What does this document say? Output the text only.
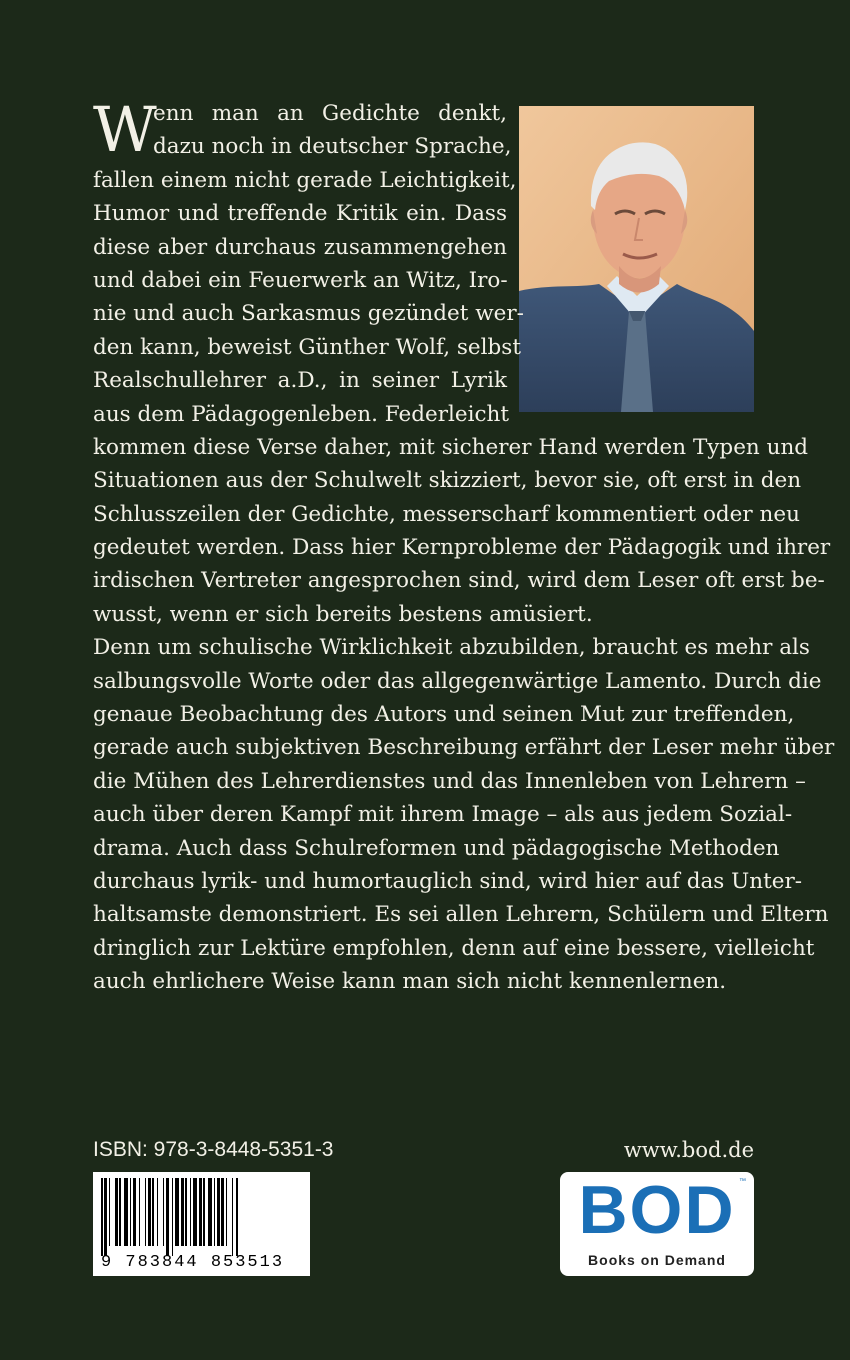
W
enn man an Gedichte denkt,
dazu noch in deutscher Sprache,
fallen einem nicht gerade Leichtigkeit,
Humor und treffende Kritik ein. Dass
diese aber durchaus zusammengehen
und dabei ein Feuerwerk an Witz, Iro-
nie und auch Sarkasmus gezündet wer-
den kann, beweist Günther Wolf, selbst
Realschullehrer a.D., in seiner Lyrik
aus dem Pädagogenleben. Federleicht
kommen diese Verse daher, mit sicherer Hand werden Typen und
Situationen aus der Schulwelt skizziert, bevor sie, oft erst in den
Schlusszeilen der Gedichte, messerscharf kommentiert oder neu
gedeutet werden. Dass hier Kernprobleme der Pädagogik und ihrer
irdischen Vertreter angesprochen sind, wird dem Leser oft erst be-
wusst, wenn er sich bereits bestens amüsiert.
Denn um schulische Wirklichkeit abzubilden, braucht es mehr als
salbungsvolle Worte oder das allgegenwärtige Lamento. Durch die
genaue Beobachtung des Autors und seinen Mut zur treffenden,
gerade auch subjektiven Beschreibung erfährt der Leser mehr über
die Mühen des Lehrerdienstes und das Innenleben von Lehrern –
auch über deren Kampf mit ihrem Image – als aus jedem Sozial-
drama. Auch dass Schulreformen und pädagogische Methoden
durchaus lyrik- und humortauglich sind, wird hier auf das Unter-
haltsamste demonstriert. Es sei allen Lehrern, Schülern und Eltern
dringlich zur Lektüre empfohlen, denn auf eine bessere, vielleicht
auch ehrlichere Weise kann man sich nicht kennenlernen.
ISBN: 978-3-8448-5351-3	www.bod.de
9 783844 853513
BOD ™
Books on Demand
